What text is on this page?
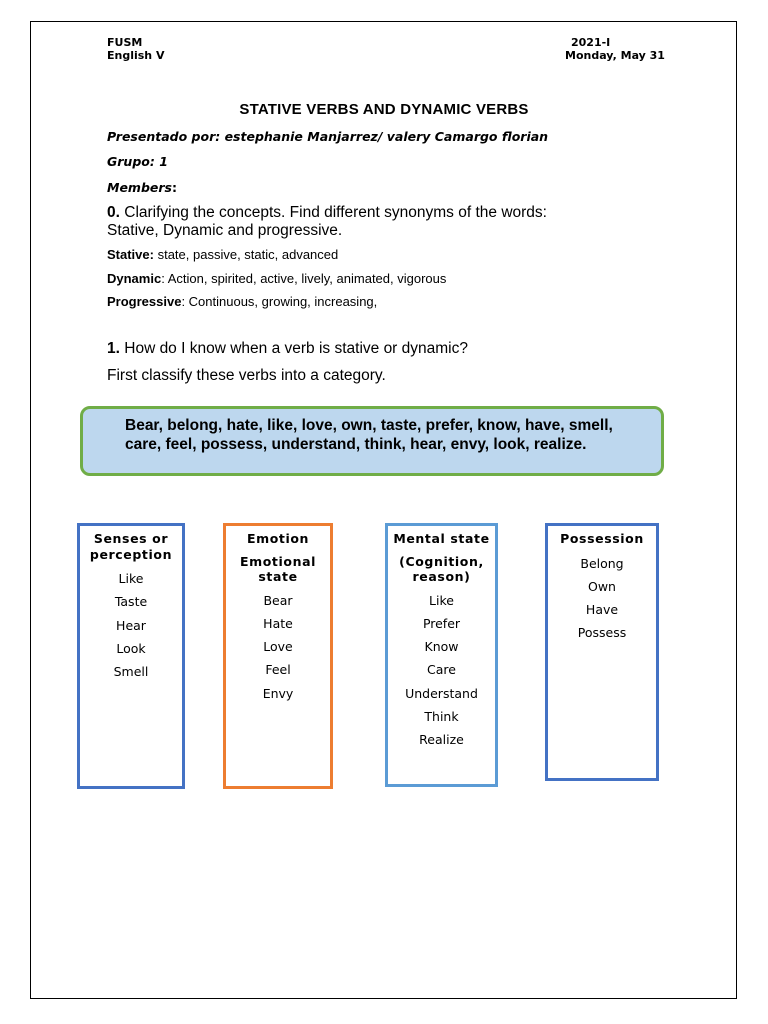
FUSM
English V
2021-I
Monday, May 31
STATIVE VERBS AND DYNAMIC VERBS
Presentado por: estephanie Manjarrez/ valery Camargo florian
Grupo: 1
Members:
0. Clarifying the concepts. Find different synonyms of the words:
Stative, Dynamic and progressive.
Stative: state, passive, static, advanced
Dynamic: Action, spirited, active, lively, animated, vigorous
Progressive: Continuous, growing, increasing,
1. How do I know when a verb is stative or dynamic?
First classify these verbs into a category.
Bear, belong, hate, like, love, own, taste, prefer, know, have, smell, care, feel, possess, understand, think, hear, envy, look, realize.
Senses or perception
Like
Taste
Hear
Look
Smell
Emotion
Emotional state
Bear
Hate
Love
Feel
Envy
Mental state
(Cognition, reason)
Like
Prefer
Know
Care
Understand
Think
Realize
Possession
Belong
Own
Have
Possess
